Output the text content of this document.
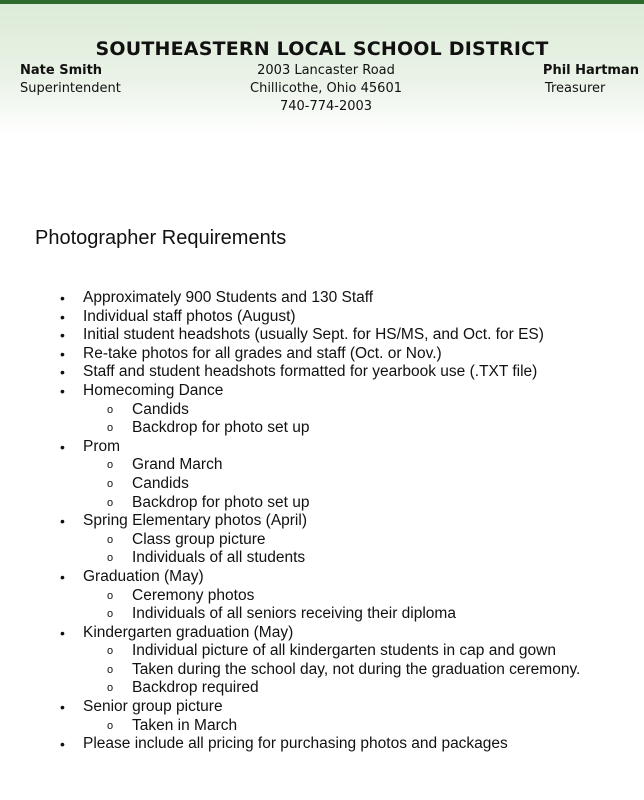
SOUTHEASTERN LOCAL SCHOOL DISTRICT
Nate Smith
Superintendent
2003 Lancaster Road
Chillicothe, Ohio 45601
740-774-2003
Phil Hartman
Treasurer
Photographer Requirements
•	Approximately 900 Students and 130 Staff
•	Individual staff photos (August)
•	Initial student headshots (usually Sept. for HS/MS, and Oct. for ES)
•	Re-take photos for all grades and staff (Oct. or Nov.)
•	Staff and student headshots formatted for yearbook use (.TXT file)
•	Homecoming Dance
o Candids
o Backdrop for photo set up
•	Prom
o Grand March
o Candids
o Backdrop for photo set up
•	Spring Elementary photos (April)
o Class group picture
o Individuals of all students
•	Graduation (May)
o Ceremony photos
o Individuals of all seniors receiving their diploma
•	Kindergarten graduation (May)
o Individual picture of all kindergarten students in cap and gown
o Taken during the school day, not during the graduation ceremony.
o Backdrop required
•	Senior group picture
o Taken in March
•	Please include all pricing for purchasing photos and packages
